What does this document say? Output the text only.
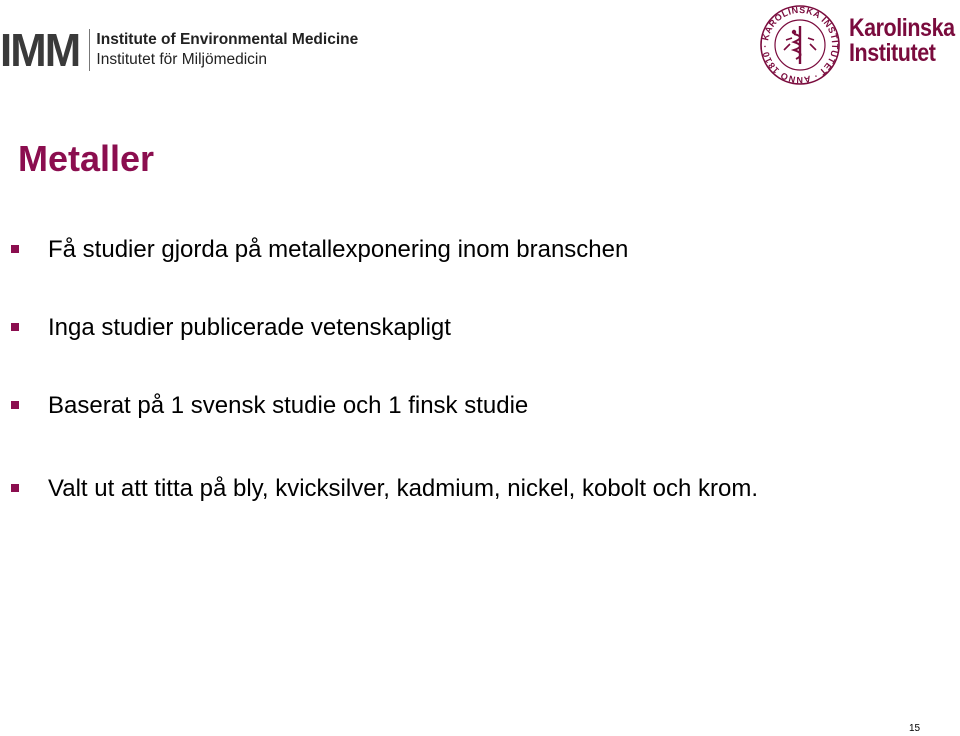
IMM Institute of Environmental Medicine
Institutet för Miljömedicin
KAROLINSKA INSTITUTET · ANNO 1810 ·
Karolinska
Institutet
Metaller
Få studier gjorda på metallexponering inom branschen
Inga studier publicerade vetenskapligt
Baserat på 1 svensk studie och 1 finsk studie
Valt ut att titta på bly, kvicksilver, kadmium, nickel, kobolt och krom.
15
